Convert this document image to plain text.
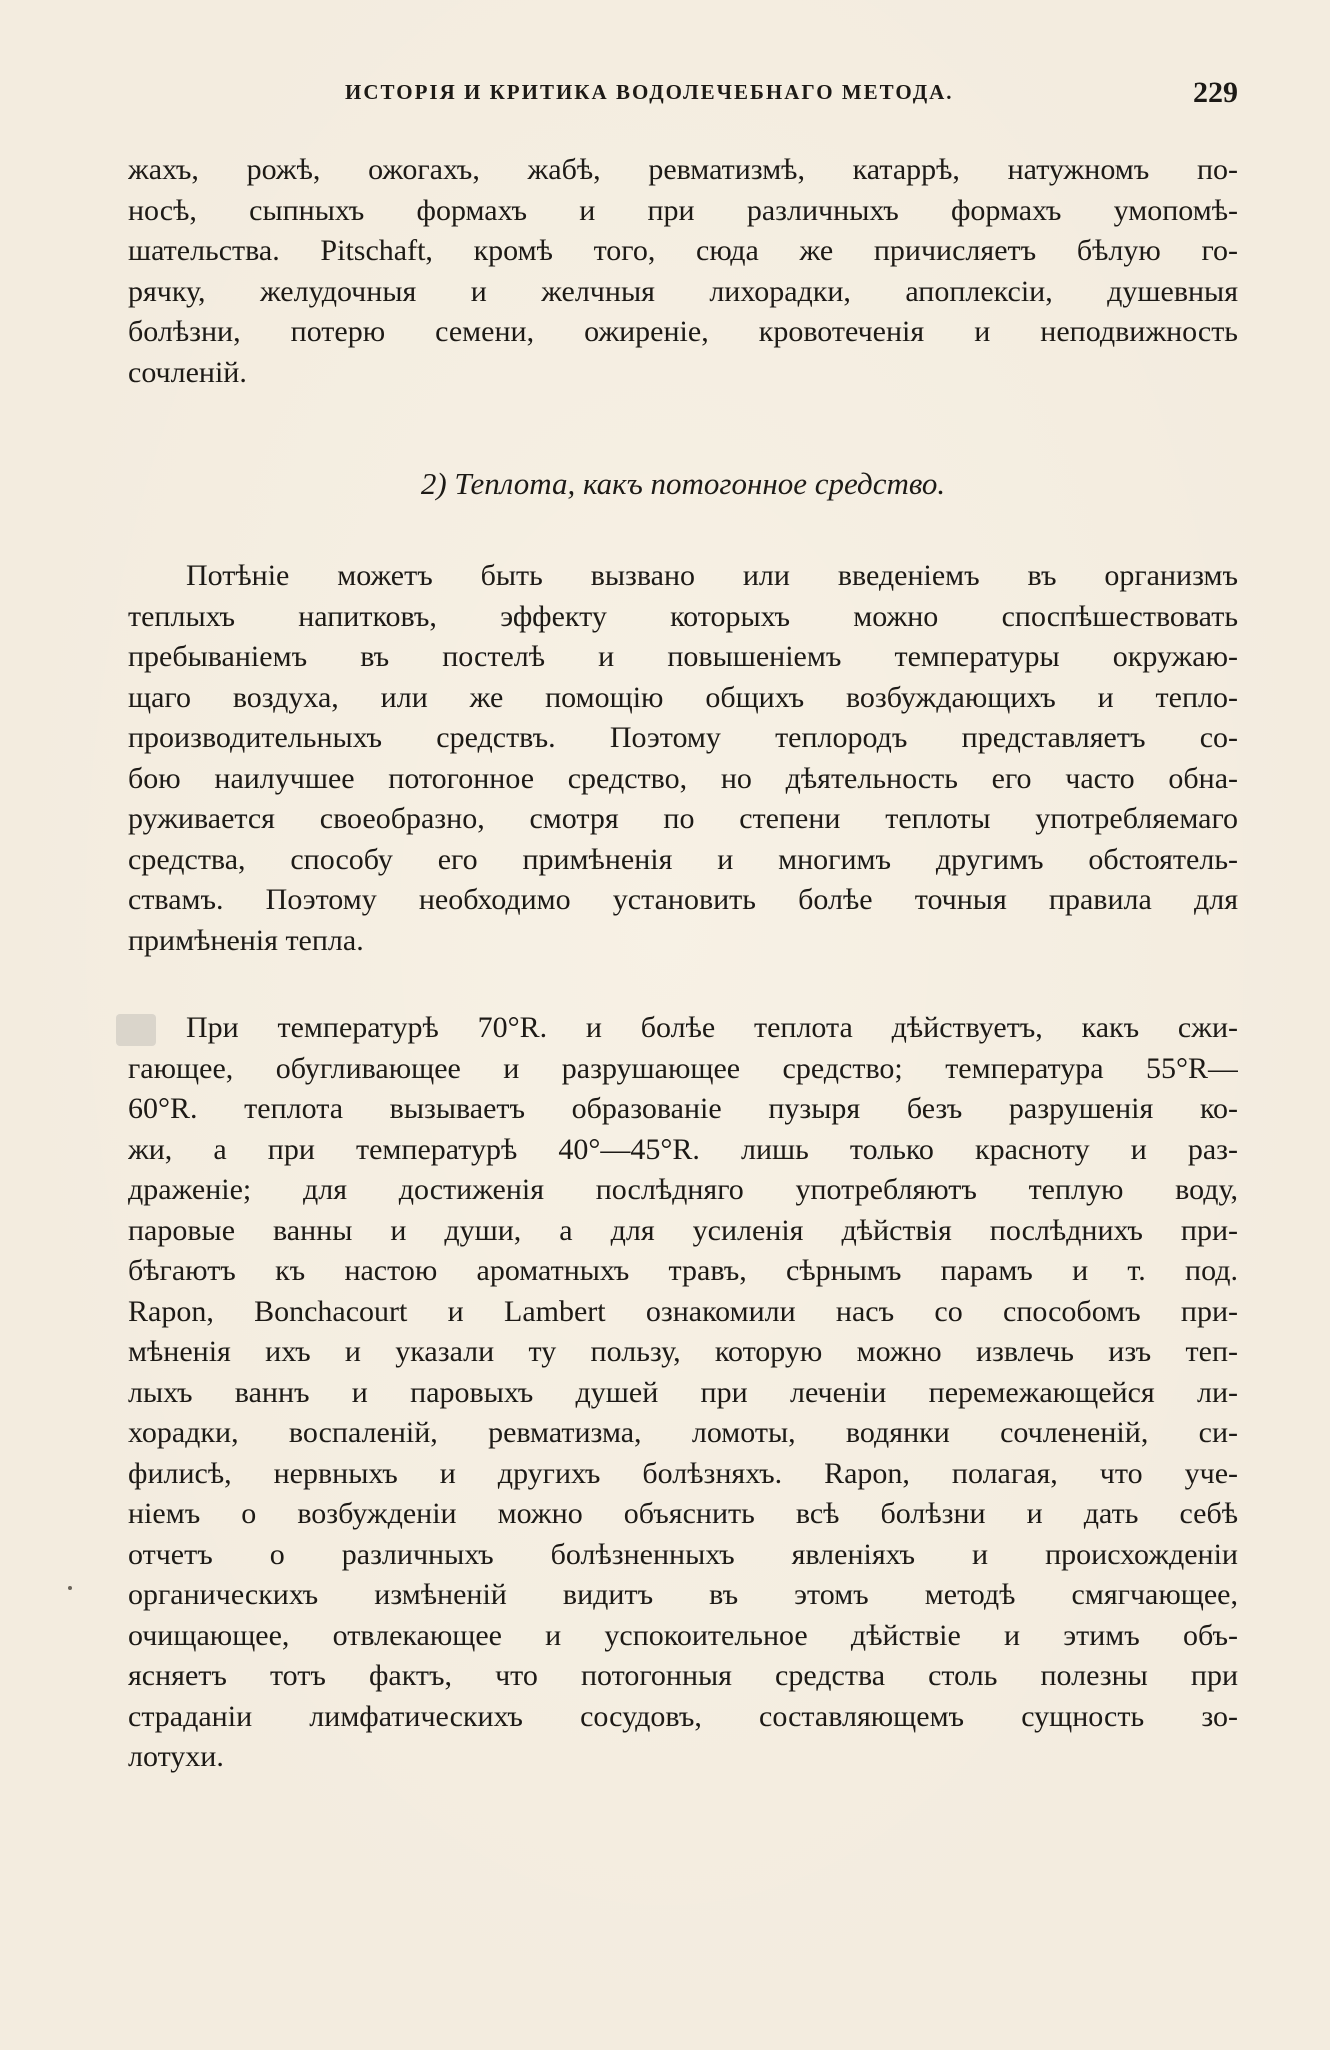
ИСТОРІЯ И КРИТИКА ВОДОЛЕЧЕБНАГО МЕТОДА.	229
жахъ, рожѣ, ожогахъ, жабѣ, ревматизмѣ, катаррѣ, натужномъ по-
носѣ, сыпныхъ формахъ и при различныхъ формахъ умопомѣ-
шательства. Pitschaft, кромѣ того, сюда же причисляетъ бѣлую го-
рячку, желудочныя и желчныя лихорадки, апоплексіи, душевныя
болѣзни, потерю семени, ожиреніе, кровотеченія и неподвижность
сочленій.
2) Теплота, какъ потогонное средство.
Потѣніе можетъ быть вызвано или введеніемъ въ организмъ
теплыхъ напитковъ, эффекту которыхъ можно споспѣшествовать
пребываніемъ въ постелѣ и повышеніемъ температуры окружаю-
щаго воздуха, или же помощію общихъ возбуждающихъ и тепло-
производительныхъ средствъ. Поэтому теплородъ представляетъ со-
бою наилучшее потогонное средство, но дѣятельность его часто обна-
руживается своеобразно, смотря по степени теплоты употребляемаго
средства, способу его примѣненія и многимъ другимъ обстоятель-
ствамъ. Поэтому необходимо установить болѣе точныя правила для
примѣненія тепла.
При температурѣ 70°R. и болѣе теплота дѣйствуетъ, какъ сжи-
гающее, обугливающее и разрушающее средство; температура 55°R—
60°R. теплота вызываетъ образованіе пузыря безъ разрушенія ко-
жи, а при температурѣ 40°—45°R. лишь только красноту и раз-
драженіе; для достиженія послѣдняго употребляютъ теплую воду,
паровые ванны и души, а для усиленія дѣйствія послѣднихъ при-
бѣгаютъ къ настою ароматныхъ травъ, сѣрнымъ парамъ и т. под.
Rapon, Bonchacourt и Lambert ознакомили насъ со способомъ при-
мѣненія ихъ и указали ту пользу, которую можно извлечь изъ теп-
лыхъ ваннъ и паровыхъ душей при леченіи перемежающейся ли-
хорадки, воспаленій, ревматизма, ломоты, водянки сочлененій, си-
филисѣ, нервныхъ и другихъ болѣзняхъ. Rapon, полагая, что уче-
ніемъ о возбужденіи можно объяснить всѣ болѣзни и дать себѣ
отчетъ о различныхъ болѣзненныхъ явленіяхъ и происхожденіи
органическихъ измѣненій видитъ въ этомъ методѣ смягчающее,
очищающее, отвлекающее и успокоительное дѣйствіе и этимъ объ-
ясняетъ тотъ фактъ, что потогонныя средства столь полезны при
страданіи лимфатическихъ сосудовъ, составляющемъ сущность зо-
лотухи.
